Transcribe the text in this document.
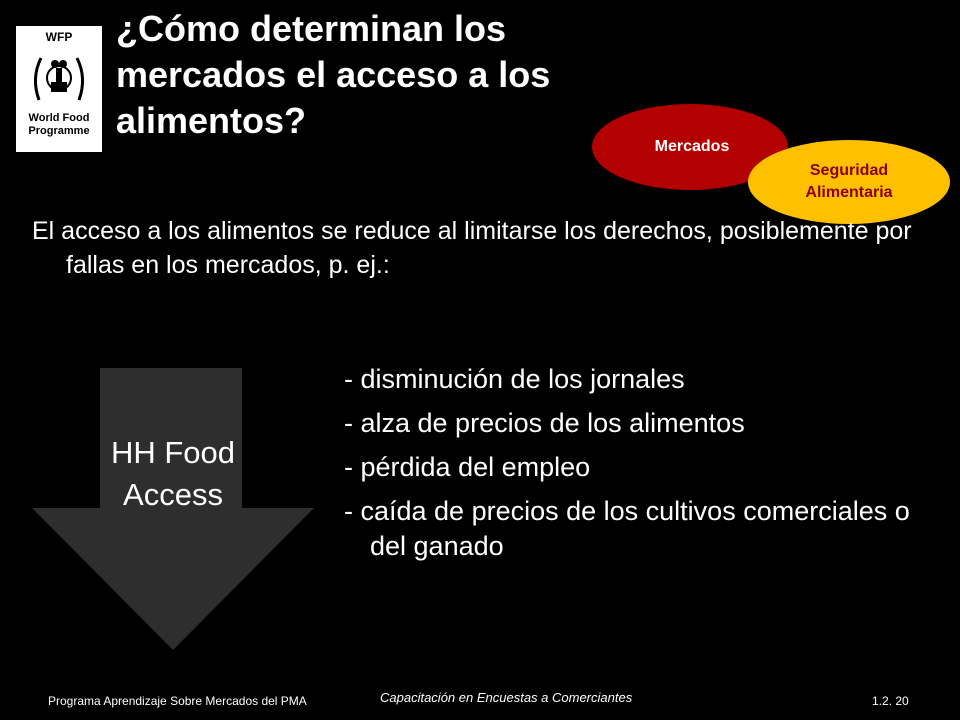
WFP
World Food
Programme
¿Cómo determinan los mercados el acceso a los alimentos?
Mercados
Seguridad
Alimentaria

El acceso a los alimentos se reduce al limitarse los derechos, posiblemente por fallas en los mercados, p. ej.:

HH Food Access
- disminución de los jornales
- alza de precios de los alimentos
- pérdida del empleo
- caída de precios de los cultivos comerciales o del ganado
Programa Aprendizaje Sobre Mercados del PMA	Capacitación en Encuestas a Comerciantes	1.2. 20
